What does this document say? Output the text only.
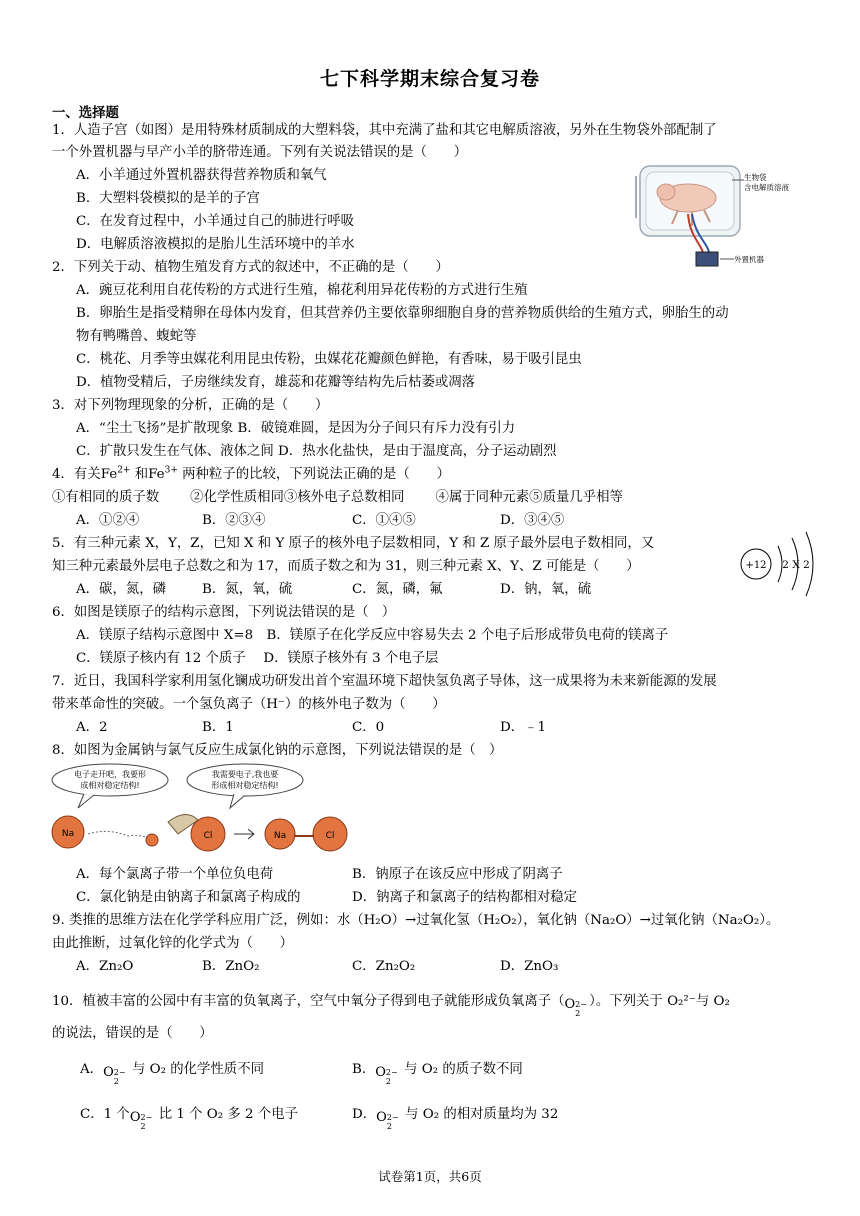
七下科学期末综合复习卷
一、选择题
1．人造子宫（如图）是用特殊材质制成的大塑料袋，其中充满了盐和其它电解质溶液，另外在生物袋外部配制了
一个外置机器与早产小羊的脐带连通。下列有关说法错误的是（　　）
A．小羊通过外置机器获得营养物质和氧气
B．大塑料袋模拟的是羊的子宫
C．在发育过程中，小羊通过自己的肺进行呼吸
D．电解质溶液模拟的是胎儿生活环境中的羊水
生物袋
含电解质溶液
外置机器
2．下列关于动、植物生殖发育方式的叙述中，不正确的是（　　）
A．豌豆花利用自花传粉的方式进行生殖，棉花利用异花传粉的方式进行生殖
B．卵胎生是指受精卵在母体内发育，但其营养仍主要依靠卵细胞自身的营养物质供给的生殖方式，卵胎生的动
物有鸭嘴兽、蝮蛇等
C．桃花、月季等虫媒花利用昆虫传粉，虫媒花花瓣颜色鲜艳，有香味，易于吸引昆虫
D．植物受精后，子房继续发育，雄蕊和花瓣等结构先后枯萎或凋落
3．对下列物理现象的分析，正确的是（　　）
A．“尘土飞扬”是扩散现象 B．破镜难圆，是因为分子间只有斥力没有引力
C．扩散只发生在气体、液体之间 D．热水化盐快，是由于温度高，分子运动剧烈
4．有关$Fe^{2+}$ 和$Fe^{3+}$ 两种粒子的比较，下列说法正确的是（　　）
①有相同的质子数　　 ②化学性质相同③核外电子总数相同　　 ④属于同种元素⑤质量几乎相等
A．①②④	B．②③④	C．①④⑤	D．③④⑤
5．有三种元素 X，Y，Z，已知 X 和 Y 原子的核外电子层数相同，Y 和 Z 原子最外层电子数相同，又
知三种元素最外层电子总数之和为 17，而质子数之和为 31，则三种元素 X、Y、Z 可能是（　　）
A．碳，氮，磷	B．氮，氧，硫	C．氮，磷，氟	D．钠，氧，硫
+12 2 X 2
6．如图是镁原子的结构示意图，下列说法错误的是（　）
A．镁原子结构示意图中 X=8　B．镁原子在化学反应中容易失去 2 个电子后形成带负电荷的镁离子
C．镁原子核内有 12 个质子　 D．镁原子核外有 3 个电子层
7．近日，我国科学家利用氢化镧成功研发出首个室温环境下超快氢负离子导体，这一成果将为未来新能源的发展
带来革命性的突破。一个氢负离子（H⁻）的核外电子数为（　　）
A．2	B．1	C．0	D．﹣1
8．如图为金属钠与氯气反应生成氯化钠的示意图，下列说法错误的是（　）
电子走开吧，我要形
成相对稳定结构!
我需要电子,我也要
形成相对稳定结构!
Na	Cl	Na	Cl
A．每个氯离子带一个单位负电荷	B．钠原子在该反应中形成了阴离子
C．氯化钠是由钠离子和氯离子构成的	D．钠离子和氯离子的结构都相对稳定
9. 类推的思维方法在化学学科应用广泛，例如：水（H₂O）→过氧化氢（H₂O₂），氧化钠（Na₂O）→过氧化钠（Na₂O₂）。
由此推断，过氧化锌的化学式为（　　）
A．Zn₂O	B．ZnO₂	C．Zn₂O₂	D．ZnO₃
10．植被丰富的公园中有丰富的负氧离子，空气中氧分子得到电子就能形成负氧离子（O 2−
2
）。下列关于 O₂²⁻与 O₂
的说法，错误的是（　　）
A．O 2−
2
与 O₂ 的化学性质不同	B．O 2−
2
与 O₂ 的质子数不同
C．1 个O 2−
2
比 1 个 O₂ 多 2 个电子	D．O 2−
2
与 O₂ 的相对质量均为 32
试卷第1页，共6页
